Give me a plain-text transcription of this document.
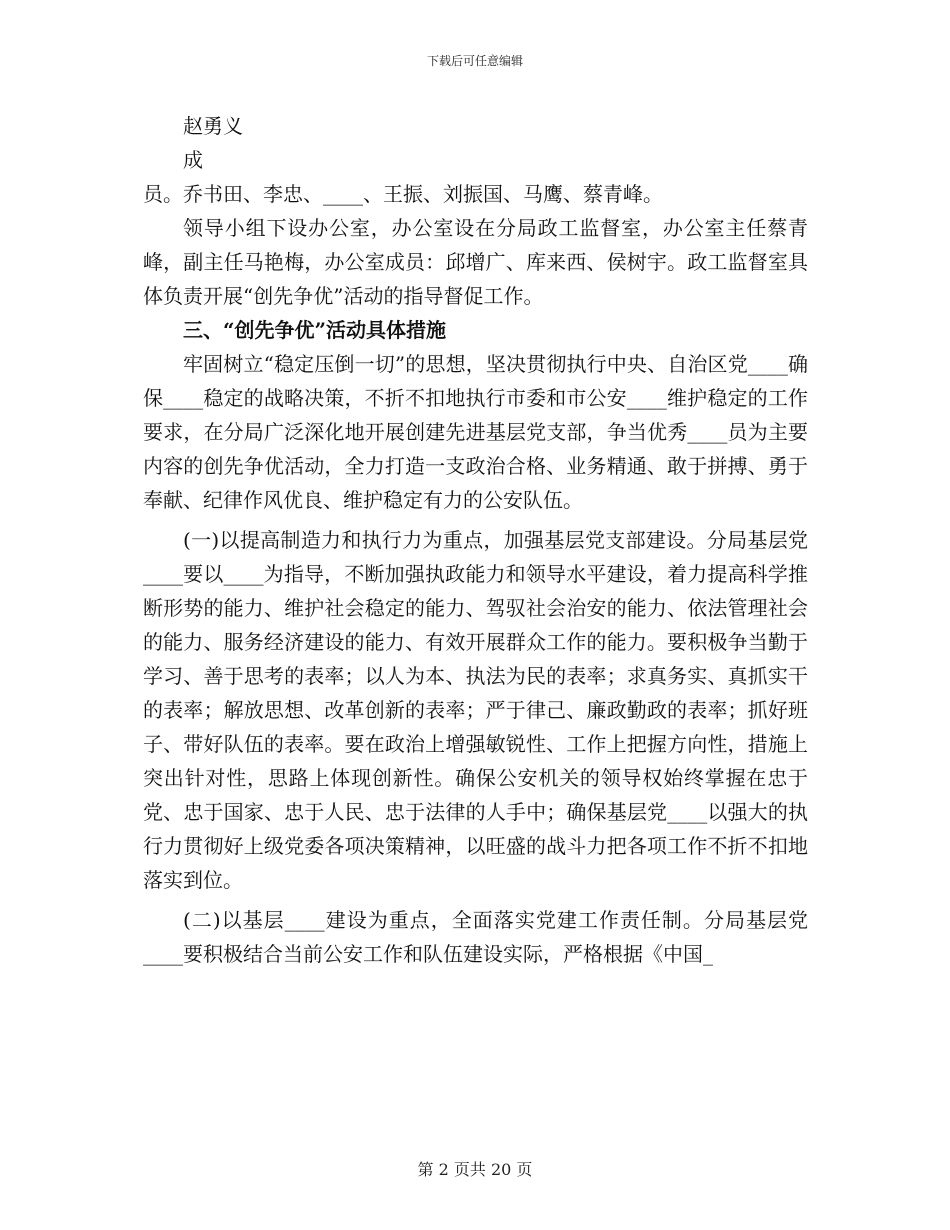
下载后可任意编辑

赵勇义

成

员。乔书田、李忠、____、王振、刘振国、马鹰、蔡青峰。

领导小组下设办公室，办公室设在分局政工监督室，办公室主任蔡青峰，副主任马艳梅，办公室成员：邱增广、库来西、侯树宇。政工监督室具体负责开展“创先争优”活动的指导督促工作。

三、“创先争优”活动具体措施

牢固树立“稳定压倒一切”的思想，坚决贯彻执行中央、自治区党____确保____稳定的战略决策，不折不扣地执行市委和市公安____维护稳定的工作要求，在分局广泛深化地开展创建先进基层党支部，争当优秀____员为主要内容的创先争优活动，全力打造一支政治合格、业务精通、敢于拼搏、勇于奉献、纪律作风优良、维护稳定有力的公安队伍。

(一)以提高制造力和执行力为重点，加强基层党支部建设。分局基层党____要以____为指导，不断加强执政能力和领导水平建设，着力提高科学推断形势的能力、维护社会稳定的能力、驾驭社会治安的能力、依法管理社会的能力、服务经济建设的能力、有效开展群众工作的能力。要积极争当勤于学习、善于思考的表率；以人为本、执法为民的表率；求真务实、真抓实干的表率；解放思想、改革创新的表率；严于律己、廉政勤政的表率；抓好班子、带好队伍的表率。要在政治上增强敏锐性、工作上把握方向性，措施上突出针对性，思路上体现创新性。确保公安机关的领导权始终掌握在忠于党、忠于国家、忠于人民、忠于法律的人手中；确保基层党____以强大的执行力贯彻好上级党委各项决策精神，以旺盛的战斗力把各项工作不折不扣地落实到位。

(二)以基层____建设为重点，全面落实党建工作责任制。分局基层党____要积极结合当前公安工作和队伍建设实际，严格根据《中国_

第 2 页共 20 页
